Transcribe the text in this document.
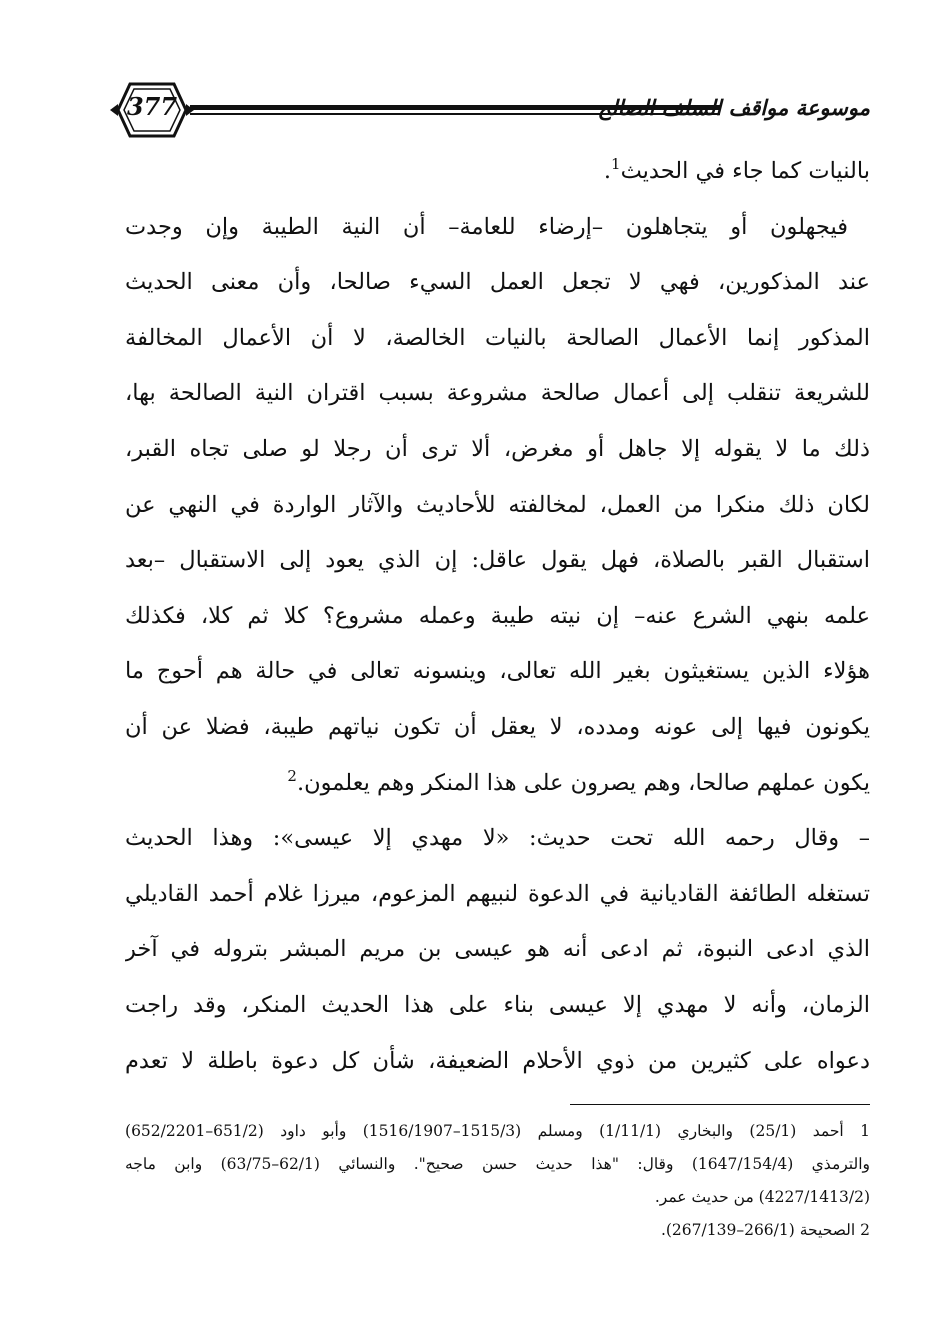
377	موسوعة مواقف السلف الصالح
بالنيات كما جاء في الحديث$^1$.
فيجهلون أو يتجاهلون –إرضاء للعامة– أن النية الطيبة وإن وجدت
عند المذكورين، فهي لا تجعل العمل السيء صالحا، وأن معنى الحديث
المذكور إنما الأعمال الصالحة بالنيات الخالصة، لا أن الأعمال المخالفة
للشريعة تنقلب إلى أعمال صالحة مشروعة بسبب اقتران النية الصالحة بها،
ذلك ما لا يقوله إلا جاهل أو مغرض، ألا ترى أن رجلا لو صلى تجاه القبر،
لكان ذلك منكرا من العمل، لمخالفته للأحاديث والآثار الواردة في النهي عن
استقبال القبر بالصلاة، فهل يقول عاقل: إن الذي يعود إلى الاستقبال –بعد
علمه بنهي الشرع عنه– إن نيته طيبة وعمله مشروع؟ كلا ثم كلا، فكذلك
هؤلاء الذين يستغيثون بغير الله تعالى، وينسونه تعالى في حالة هم أحوج ما
يكونون فيها إلى عونه ومدده، لا يعقل أن تكون نياتهم طيبة، فضلا عن أن
يكون عملهم صالحا، وهم يصرون على هذا المنكر وهم يعلمون.$^2$
– وقال رحمه الله تحت حديث: «لا مهدي إلا عيسى»: وهذا الحديث
تستغله الطائفة القاديانية في الدعوة لنبيهم المزعوم، ميرزا غلام أحمد القاديلي
الذي ادعى النبوة، ثم ادعى أنه هو عيسى بن مريم المبشر بتروله في آخر
الزمان، وأنه لا مهدي إلا عيسى بناء على هذا الحديث المنكر، وقد راجت
دعواه على كثيرين من ذوي الأحلام الضعيفة، شأن كل دعوة باطلة لا تعدم
1 أحمد (25/1) والبخاري (1/11/1) ومسلم (1515/3–1516/1907) وأبو داود (651/2–652/2201)
والترمذي (1647/154/4) وقال: "هذا حديث حسن صحيح". والنسائي (62/1–63/75) وابن ماجه
(4227/1413/2) من حديث عمر.
2 الصحيحة (266/1–267/139).
